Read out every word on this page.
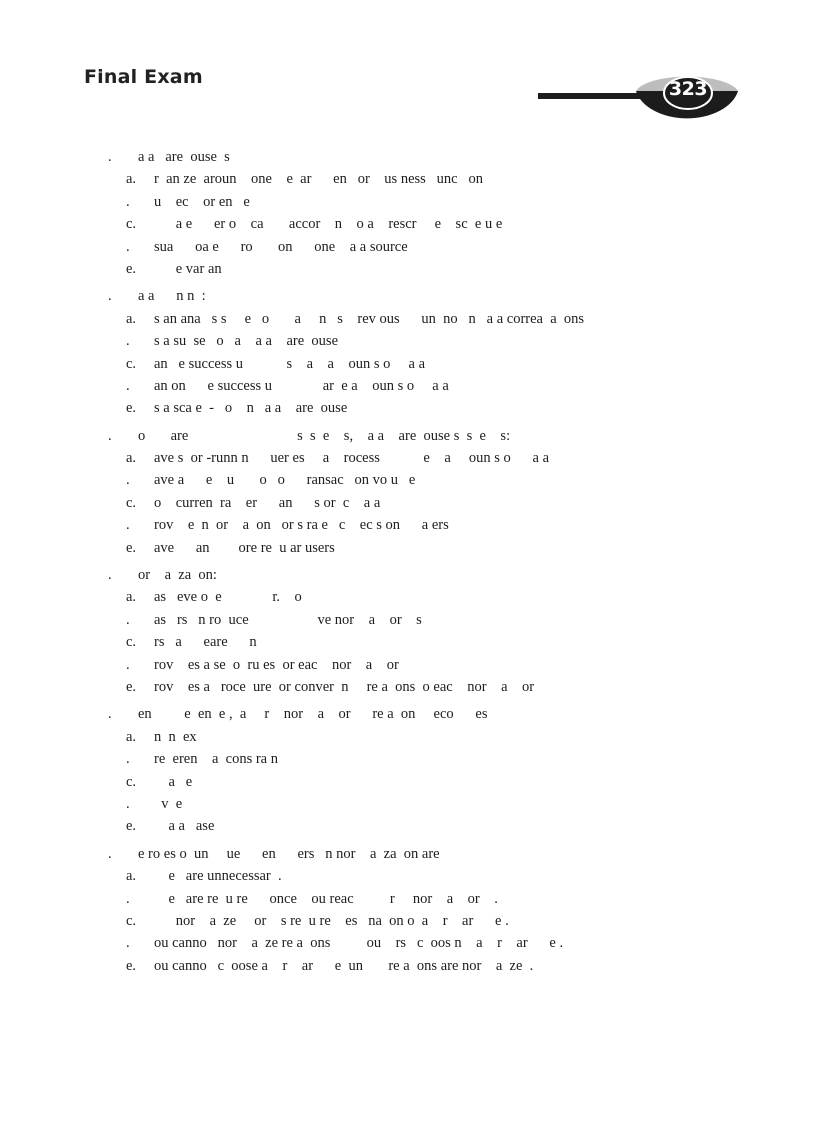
Final Exam
323
.	a a   are  ouse  s
a.	r  an ze  aroun    one    e  ar      en   or    us ness   unc   on
.	u    ec    or en   e
c.	a e      er o    ca       accor    n    o a    rescr     e    sc  e u e
.	sua      oa e      ro       on      one    a a source
e.	e var an
.	a a      n n  :
a.	s an ana   s s     e   o       a     n   s    rev ous      un  no   n   a a correa  a  ons
.	s a su  se   o   a    a a    are  ouse
c.	an   e success u            s    a    a    oun s o     a a
.	an on      e success u              ar  e a    oun s o     a a
e.	s a sca e  -   o    n   a a    are  ouse
.	o       are                              s  s  e    s,    a a    are  ouse s  s  e    s:
a.	ave s  or -runn n      uer es     a    rocess            e    a     oun s o      a a
.	ave a      e    u       o   o      ransac   on vo u   e
c.	o    curren  ra    er      an      s or  c    a a
.	rov    e  n  or    a  on   or s ra e   c    ec s on      a ers
e.	ave      an        ore re  u ar users
.	or    a  za  on:
a.	as   eve o  e              r.    o
.	as   rs   n ro  uce                   ve nor    a    or    s
c.	rs   a      eare      n
.	rov    es a se  o  ru es  or eac    nor    a    or
e.	rov    es a   roce  ure  or conver  n     re a  ons  o eac    nor    a    or
.	en         e  en  e ,  a     r    nor    a    or      re a  on     eco      es
a.	n  n  ex
.	re  eren    a  cons ra n
c.	a   e
.	v  e
e.	a a   ase
.	e ro es o  un     ue      en      ers   n nor    a  za  on are
a.	e   are unnecessar  .
.	e   are re  u re      once    ou reac          r     nor    a    or    .
c.	nor    a  ze     or    s re  u re    es   na  on o  a    r    ar      e .
.	ou canno   nor    a  ze re a  ons          ou    rs   c  oos n    a    r    ar      e .
e.	ou canno   c  oose a    r    ar      e  un       re a  ons are nor    a  ze  .
